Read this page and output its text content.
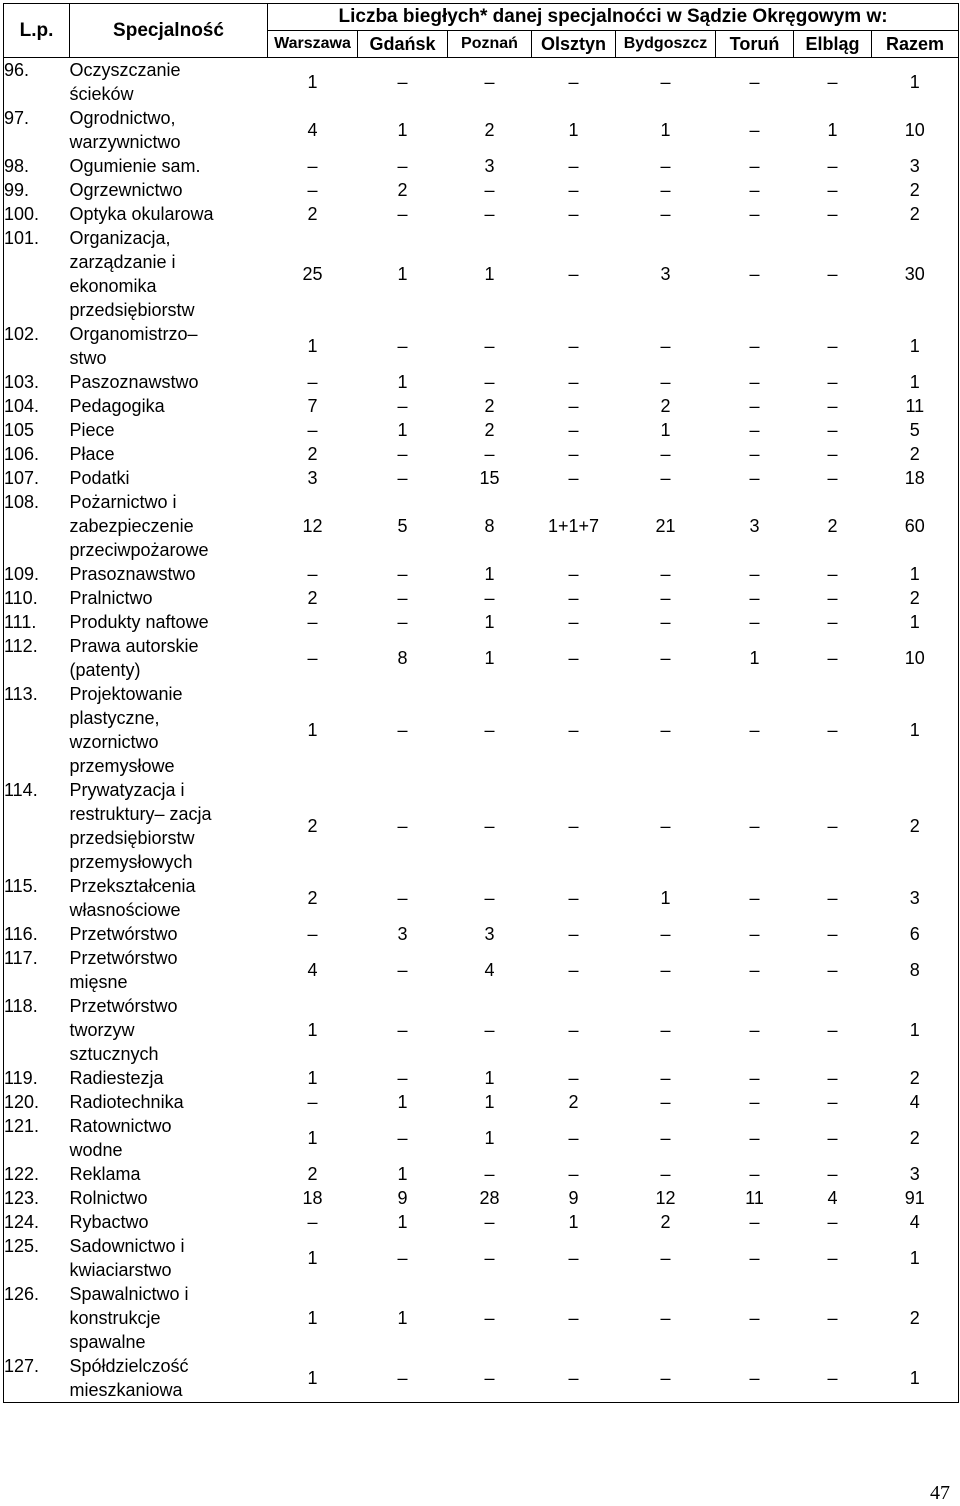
L.p.	Specjalność	Liczba biegłych* danej specjalnoćci w Sądzie Okręgowym w:							
		Warszawa	Gdańsk	Poznań	Olsztyn	Bydgoszcz	Toruń	Elbląg	Razem
96.	Oczyszczanie
ścieków	1	–	–	–	–	–	–	1
97.	Ogrodnictwo,
warzywnictwo	4	1	2	1	1	–	1	10
98.	Ogumienie sam.	–	–	3	–	–	–	–	3
99.	Ogrzewnictwo	–	2	–	–	–	–	–	2
100.	Optyka okularowa	2	–	–	–	–	–	–	2
101.	Organizacja,
zarządzanie i
ekonomika
przedsiębiorstw	25	1	1	–	3	–	–	30
102.	Organomistrzo–
stwo	1	–	–	–	–	–	–	1
103.	Paszoznawstwo	–	1	–	–	–	–	–	1
104.	Pedagogika	7	–	2	–	2	–	–	11
105	Piece	–	1	2	–	1	–	–	5
106.	Płace	2	–	–	–	–	–	–	2
107.	Podatki	3	–	15	–	–	–	–	18
108.	Pożarnictwo i
zabezpieczenie
przeciwpożarowe	12	5	8	1+1+7	21	3	2	60
109.	Prasoznawstwo	–	–	1	–	–	–	–	1
110.	Pralnictwo	2	–	–	–	–	–	–	2
111.	Produkty naftowe	–	–	1	–	–	–	–	1
112.	Prawa autorskie
(patenty)	–	8	1	–	–	1	–	10
113.	Projektowanie
plastyczne,
wzornictwo
przemysłowe	1	–	–	–	–	–	–	1
114.	Prywatyzacja i
restruktury– zacja
przedsiębiorstw
przemysłowych	2	–	–	–	–	–	–	2
115.	Przekształcenia
własnościowe	2	–	–	–	1	–	–	3
116.	Przetwórstwo	–	3	3	–	–	–	–	6
117.	Przetwórstwo
mięsne	4	–	4	–	–	–	–	8
118.	Przetwórstwo
tworzyw
sztucznych	1	–	–	–	–	–	–	1
119.	Radiestezja	1	–	1	–	–	–	–	2
120.	Radiotechnika	–	1	1	2	–	–	–	4
121.	Ratownictwo
wodne	1	–	1	–	–	–	–	2
122.	Reklama	2	1	–	–	–	–	–	3
123.	Rolnictwo	18	9	28	9	12	11	4	91
124.	Rybactwo	–	1	–	1	2	–	–	4
125.	Sadownictwo i
kwiaciarstwo	1	–	–	–	–	–	–	1
126.	Spawalnictwo i
konstrukcje
spawalne	1	1	–	–	–	–	–	2
127.	Spółdzielczość
mieszkaniowa	1	–	–	–	–	–	–	1
47
